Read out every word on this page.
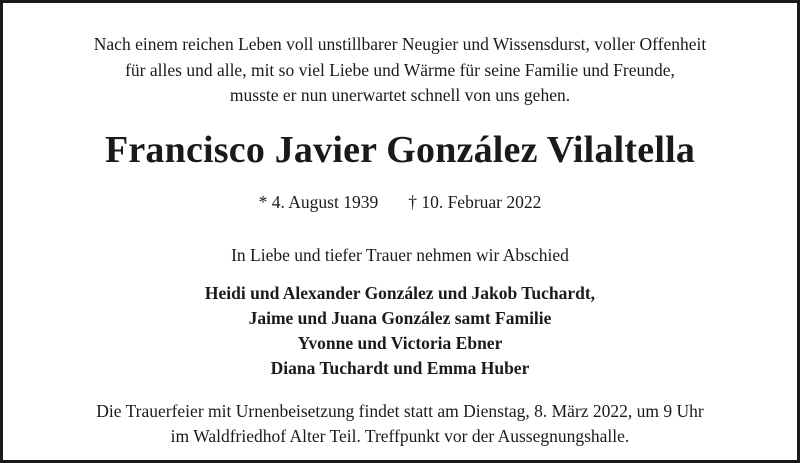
Nach einem reichen Leben voll unstillbarer Neugier und Wissensdurst, voller Offenheit
für alles und alle, mit so viel Liebe und Wärme für seine Familie und Freunde,
musste er nun unerwartet schnell von uns gehen.
Francisco Javier González Vilaltella
* 4. August 1939 † 10. Februar 2022
In Liebe und tiefer Trauer nehmen wir Abschied
Heidi und Alexander González und Jakob Tuchardt,
Jaime und Juana González samt Familie
Yvonne und Victoria Ebner
Diana Tuchardt und Emma Huber
Die Trauerfeier mit Urnenbeisetzung findet statt am Dienstag, 8. März 2022, um 9 Uhr
im Waldfriedhof Alter Teil. Treffpunkt vor der Aussegnungshalle.
